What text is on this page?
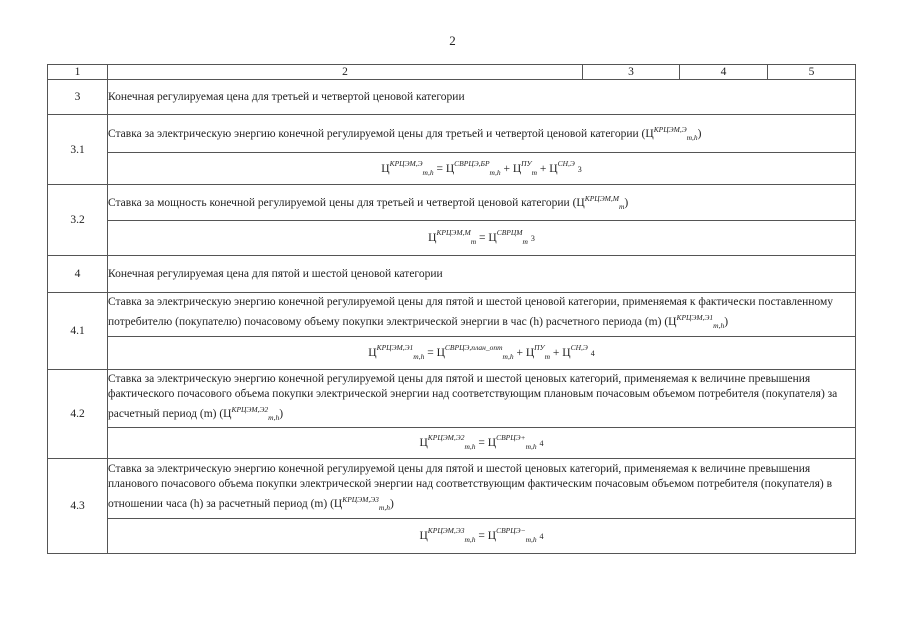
2
1	2	3	4	5
3	Конечная регулируемая цена для третьей и четвертой ценовой категории			
3.1	Ставка за электрическую энергию конечной регулируемой цены для третьей и четвертой ценовой категории $(Ц^{КРЦЭМ,Э}_{m,h})$			
	$Ц^{КРЦЭМ,Э}_{m,h} = Ц^{СВРЦЭ,БР}_{m,h} + Ц^{ПУ}_m + Ц^{СН,Э}$ 3			
3.2	Ставка за мощность конечной регулируемой цены для третьей и четвертой ценовой категории $(Ц^{КРЦЭМ,М}_m)$			
	$Ц^{КРЦЭМ,М}_m = Ц^{СВРЦМ}_m$ 3			
4	Конечная регулируемая цена для пятой и шестой ценовой категории			
4.1	Ставка за электрическую энергию конечной регулируемой цены для пятой и шестой ценовой категории, применяемая к фактически поставленному потребителю (покупателю) почасовому объему покупки электрической энергии в час (h) расчетного периода (m) $(Ц^{КРЦЭМ,Э1}_{m,h})$			
	$Ц^{КРЦЭМ,Э1}_{m,h} = Ц^{СВРЦЭ,план\_опт}_{m,h} + Ц^{ПУ}_m + Ц^{СН,Э}$ 4			
4.2	Ставка за электрическую энергию конечной регулируемой цены для пятой и шестой ценовых категорий, применяемая к величине превышения фактического почасового объема покупки электрической энергии над соответствующим плановым почасовым объемом потребителя (покупателя) за расчетный период (m) $(Ц^{КРЦЭМ,Э2}_{m,h})$			
	$Ц^{КРЦЭМ,Э2}_{m,h} = Ц^{СВРЦЭ+}_{m,h}$ 4			
4.3	Ставка за электрическую энергию конечной регулируемой цены для пятой и шестой ценовых категорий, применяемая к величине превышения планового почасового объема покупки электрической энергии над соответствующим фактическим почасовым объемом потребителя (покупателя) в отношении часа (h) за расчетный период (m) $(Ц^{КРЦЭМ,Э3}_{m,h})$			
	$Ц^{КРЦЭМ,Э3}_{m,h} = Ц^{СВРЦЭ-}_{m,h}$ 4			
